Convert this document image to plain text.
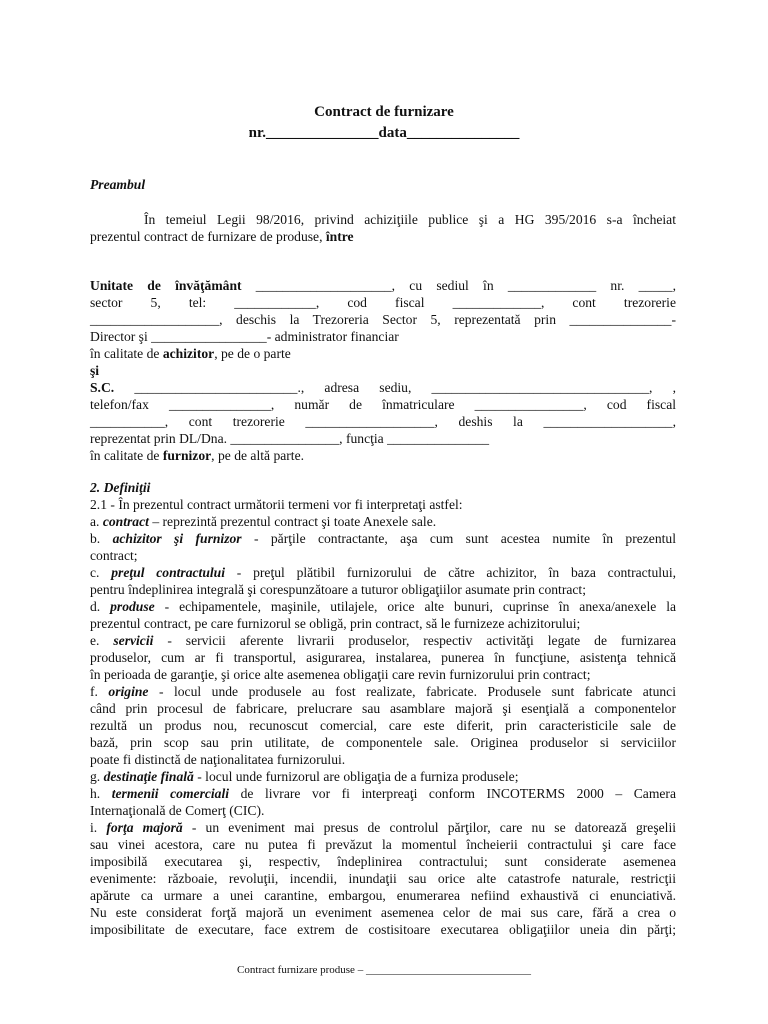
Contract de furnizare
nr._______________data_______________
Preambul
În temeiul Legii 98/2016, privind achiziţiile publice şi a HG 395/2016 s-a încheiat
prezentul contract de furnizare de produse, între
Unitate de învăţământ ____________________, cu sediul în _____________ nr. _____,
sector 5, tel: ____________, cod fiscal _____________, cont trezorerie
___________________, deschis la Trezoreria Sector 5, reprezentată prin _______________-
Director şi _________________- administrator financiar
în calitate de achizitor, pe de o parte
şi
S.C. ________________________., adresa sediu, ________________________________, ,
telefon/fax _______________, număr de înmatriculare ________________, cod fiscal
___________, cont trezorerie ___________________, deshis la ___________________,
reprezentat prin DL/Dna. ________________, funcţia _______________
în calitate de furnizor, pe de altă parte.
2. Definiţii
2.1 - În prezentul contract următorii termeni vor fi interpretaţi astfel:
a. contract – reprezintă prezentul contract şi toate Anexele sale.
b. achizitor şi furnizor - părţile contractante, aşa cum sunt acestea numite în prezentul
contract;
c. preţul contractului - preţul plătibil furnizorului de către achizitor, în baza contractului,
pentru îndeplinirea integrală şi corespunzătoare a tuturor obligaţiilor asumate prin contract;
d. produse - echipamentele, maşinile, utilajele, orice alte bunuri, cuprinse în anexa/anexele la
prezentul contract, pe care furnizorul se obligă, prin contract, să le furnizeze achizitorului;
e. servicii - servicii aferente livrarii produselor, respectiv activităţi legate de furnizarea
produselor, cum ar fi transportul, asigurarea, instalarea, punerea în funcţiune, asistenţa tehnică
în perioada de garanţie, şi orice alte asemenea obligaţii care revin furnizorului prin contract;
f. origine - locul unde produsele au fost realizate, fabricate. Produsele sunt fabricate atunci
când prin procesul de fabricare, prelucrare sau asamblare majoră şi esenţială a componentelor
rezultă un produs nou, recunoscut comercial, care este diferit, prin caracteristicile sale de
bază, prin scop sau prin utilitate, de componentele sale. Originea produselor si serviciilor
poate fi distinctă de naţionalitatea furnizorului.
g. destinaţie finală - locul unde furnizorul are obligaţia de a furniza produsele;
h. termenii comerciali de livrare vor fi interpreaţi conform INCOTERMS 2000 – Camera
Internaţională de Comerţ (CIC).
i. forţa majoră - un eveniment mai presus de controlul părţilor, care nu se datorează greşelii
sau vinei acestora, care nu putea fi prevăzut la momentul încheierii contractului şi care face
imposibilă executarea şi, respectiv, îndeplinirea contractului; sunt considerate asemenea
evenimente: războaie, revoluţii, incendii, inundaţii sau orice alte catastrofe naturale, restricţii
apărute ca urmare a unei carantine, embargou, enumerarea nefiind exhaustivă ci enunciativă.
Nu este considerat forţă majoră un eveniment asemenea celor de mai sus care, fără a crea o
imposibilitate de executare, face extrem de costisitoare executarea obligaţiilor uneia din părţi;
Contract furnizare produse – ______________________________
